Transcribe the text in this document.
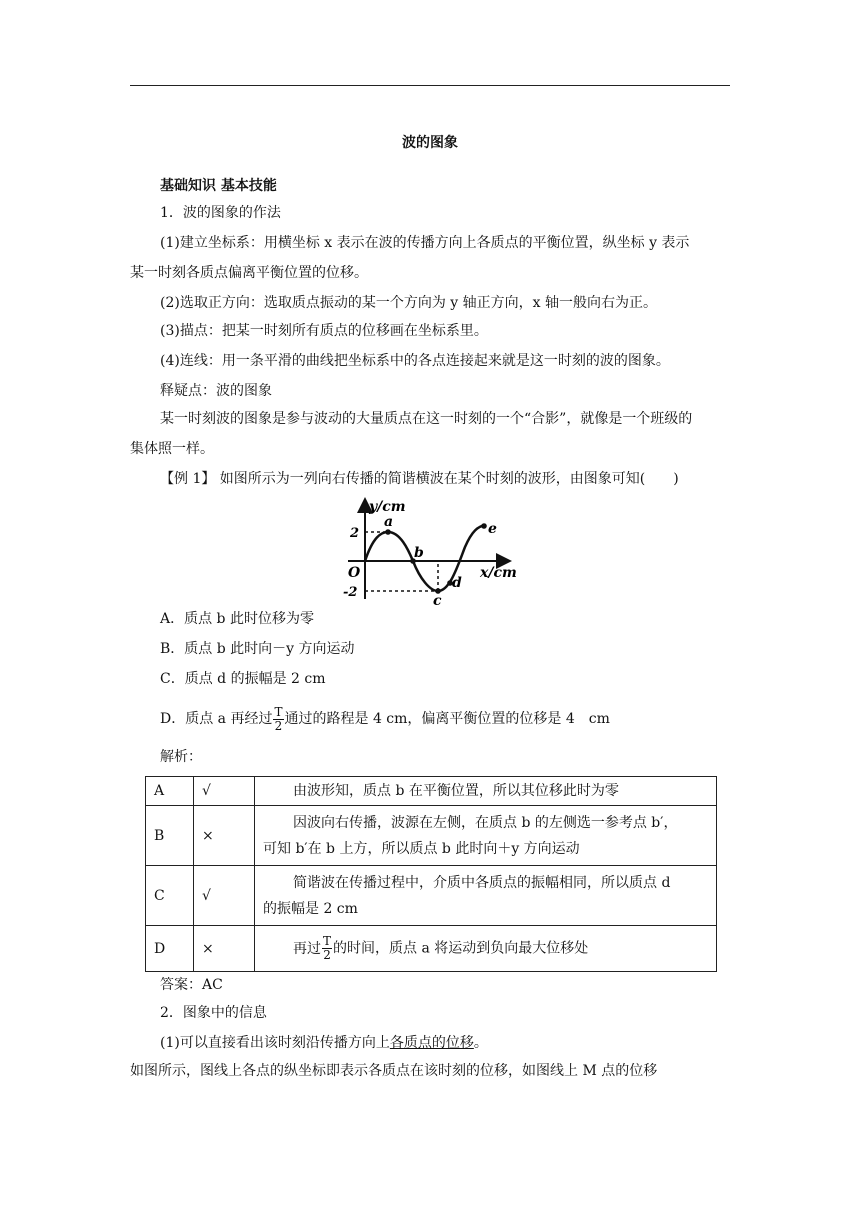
波的图象
基础知识 基本技能
1．波的图象的作法
(1)建立坐标系：用横坐标 x 表示在波的传播方向上各质点的平衡位置，纵坐标 y 表示
某一时刻各质点偏离平衡位置的位移。
(2)选取正方向：选取质点振动的某一个方向为 y 轴正方向，x 轴一般向右为正。
(3)描点：把某一时刻所有质点的位移画在坐标系里。
(4)连线：用一条平滑的曲线把坐标系中的各点连接起来就是这一时刻的波的图象。
释疑点：波的图象
某一时刻波的图象是参与波动的大量质点在这一时刻的一个“合影”，就像是一个班级的
集体照一样。
【例 1】 如图所示为一列向右传播的简谐横波在某个时刻的波形，由图象可知(　　)
y/cm
x/cm
O
2
-2
a
b
c
d
e
A．质点 b 此时位移为零
B．质点 b 此时向－y 方向运动
C．质点 d 的振幅是 2 cm
D．质点 a 再经过 $\frac{T}{2}$ 通过的路程是 4 cm，偏离平衡位置的位移是 4　cm
解析：
A	√	由波形知，质点 b 在平衡位置，所以其位移此时为零
B	×	因波向右传播，波源在左侧，在质点 b 的左侧选一参考点 b′，
可知 b′在 b 上方，所以质点 b 此时向＋y 方向运动
C	√	简谐波在传播过程中，介质中各质点的振幅相同，所以质点 d
的振幅是 2 cm
D	×	再过 $\frac{T}{2}$ 的时间，质点 a 将运动到负向最大位移处
答案：AC
2．图象中的信息
(1)可以直接看出该时刻沿传播方向上各质点的位移。
如图所示，图线上各点的纵坐标即表示各质点在该时刻的位移，如图线上 M 点的位移
